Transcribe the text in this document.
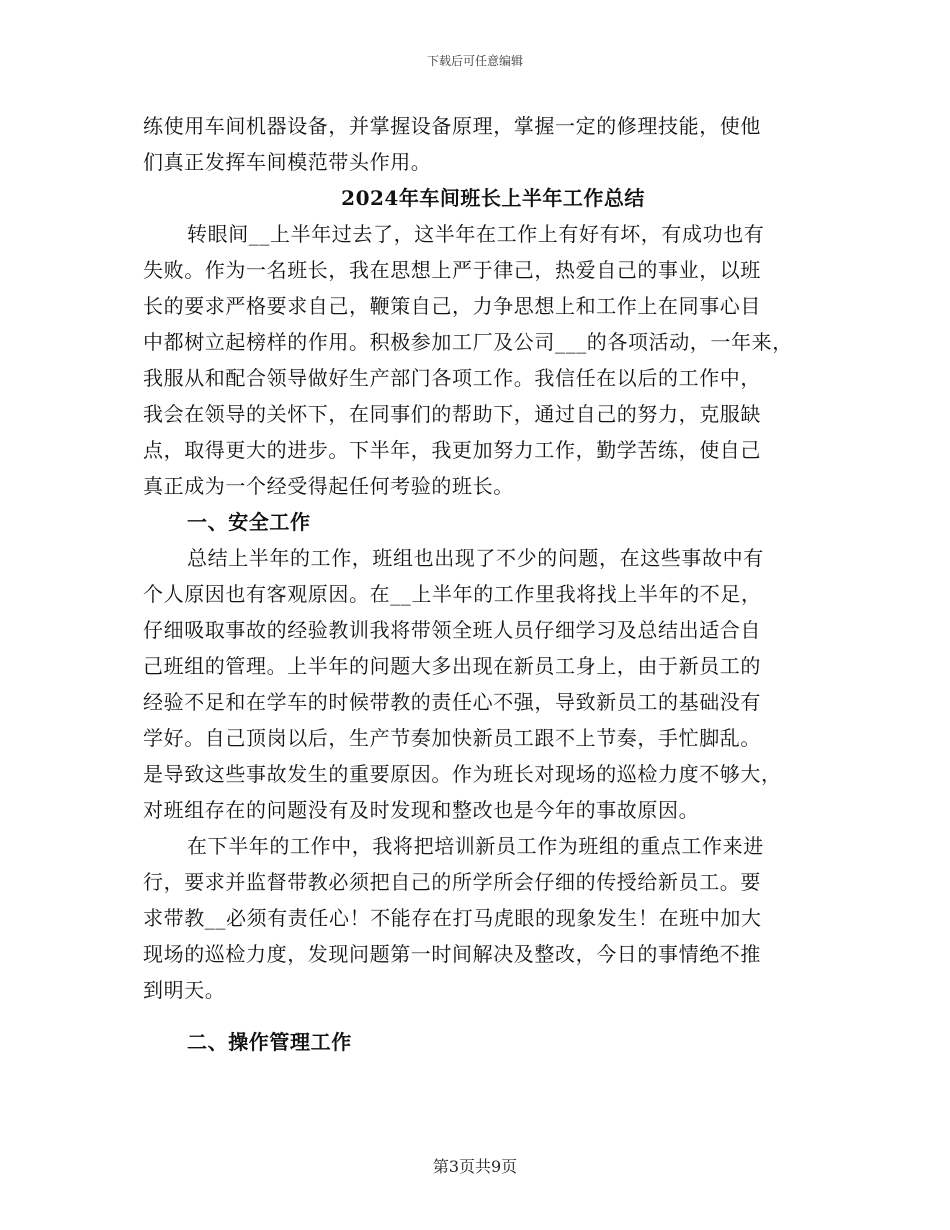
下载后可任意编辑
练使用车间机器设备，并掌握设备原理，掌握一定的修理技能，使他
们真正发挥车间模范带头作用。
2024年车间班长上半年工作总结
转眼间__上半年过去了，这半年在工作上有好有坏，有成功也有
失败。作为一名班长，我在思想上严于律己，热爱自己的事业，以班
长的要求严格要求自己，鞭策自己，力争思想上和工作上在同事心目
中都树立起榜样的作用。积极参加工厂及公司___的各项活动，一年来，
我服从和配合领导做好生产部门各项工作。我信任在以后的工作中，
我会在领导的关怀下，在同事们的帮助下，通过自己的努力，克服缺
点，取得更大的进步。下半年，我更加努力工作，勤学苦练，使自己
真正成为一个经受得起任何考验的班长。
一、安全工作
总结上半年的工作，班组也出现了不少的问题，在这些事故中有
个人原因也有客观原因。在__上半年的工作里我将找上半年的不足，
仔细吸取事故的经验教训我将带领全班人员仔细学习及总结出适合自
己班组的管理。上半年的问题大多出现在新员工身上，由于新员工的
经验不足和在学车的时候带教的责任心不强，导致新员工的基础没有
学好。自己顶岗以后，生产节奏加快新员工跟不上节奏，手忙脚乱。
是导致这些事故发生的重要原因。作为班长对现场的巡检力度不够大，
对班组存在的问题没有及时发现和整改也是今年的事故原因。
在下半年的工作中，我将把培训新员工作为班组的重点工作来进
行，要求并监督带教必须把自己的所学所会仔细的传授给新员工。要
求带教__必须有责任心！不能存在打马虎眼的现象发生！在班中加大
现场的巡检力度，发现问题第一时间解决及整改，今日的事情绝不推
到明天。
二、操作管理工作
第3页共9页
